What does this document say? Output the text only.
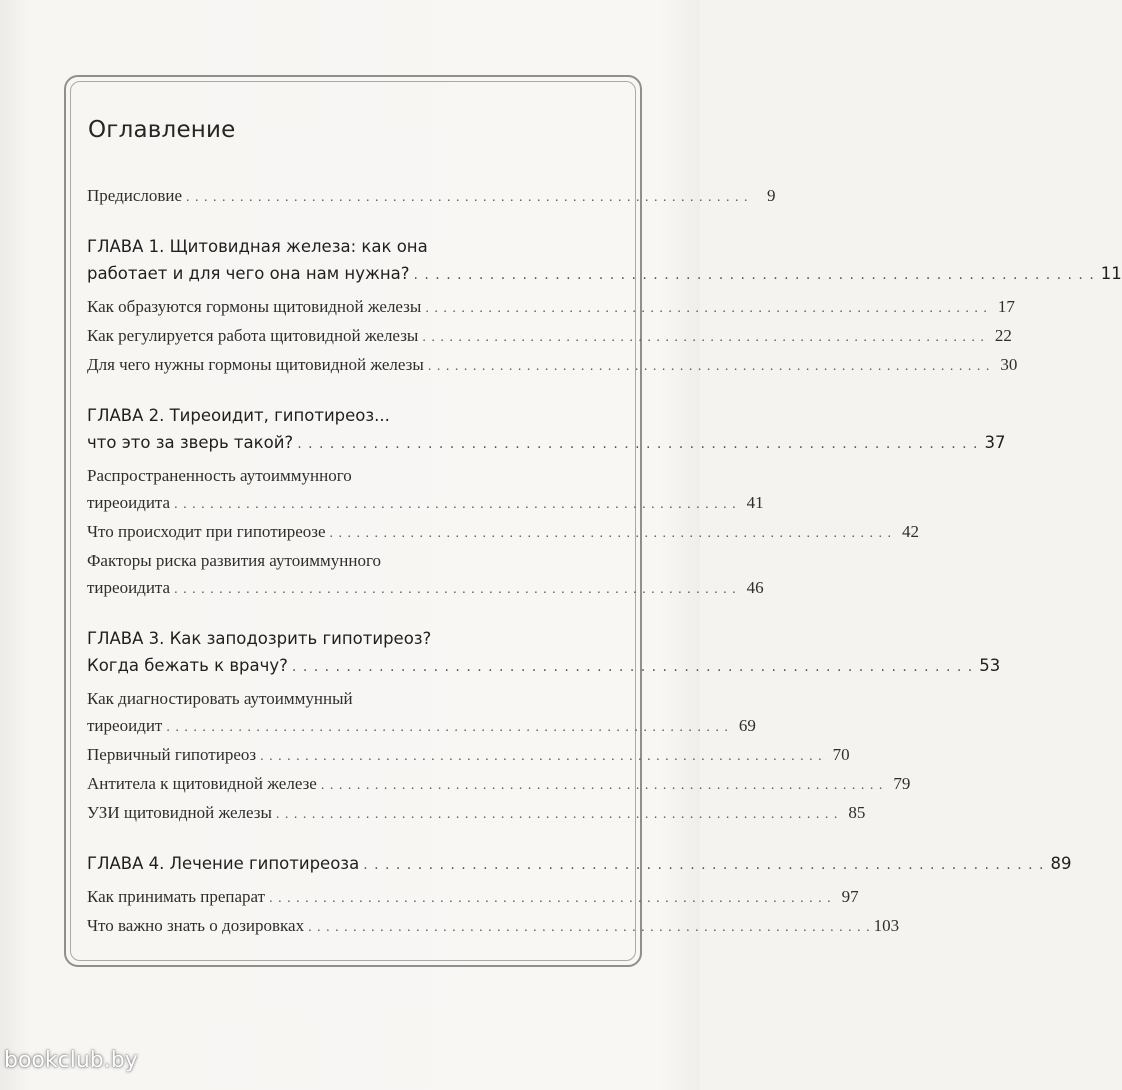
Оглавление
Предисловие . . .	9
ГЛАВА 1. Щитовидная железа: как она
работает и для чего она нам нужна? . . .	11
Как образуются гормоны щитовидной железы . . .	17
Как регулируется работа щитовидной железы . . .	22
Для чего нужны гормоны щитовидной железы . . .	30
ГЛАВА 2. Тиреоидит, гипотиреоз...
что это за зверь такой? . . .	37
Распространенность аутоиммунного
тиреоидита . . .	41
Что происходит при гипотиреозе . . .	42
Факторы риска развития аутоиммунного
тиреоидита . . .	46
ГЛАВА 3. Как заподозрить гипотиреоз?
Когда бежать к врачу? . . .	53
Как диагностировать аутоиммунный
тиреоидит . . .	69
Первичный гипотиреоз . . .	70
Антитела к щитовидной железе . . .	79
УЗИ щитовидной железы . . .	85
ГЛАВА 4. Лечение гипотиреоза . . .	89
Как принимать препарат . . .	97
Что важно знать о дозировках . . .	103
bookclub.by
